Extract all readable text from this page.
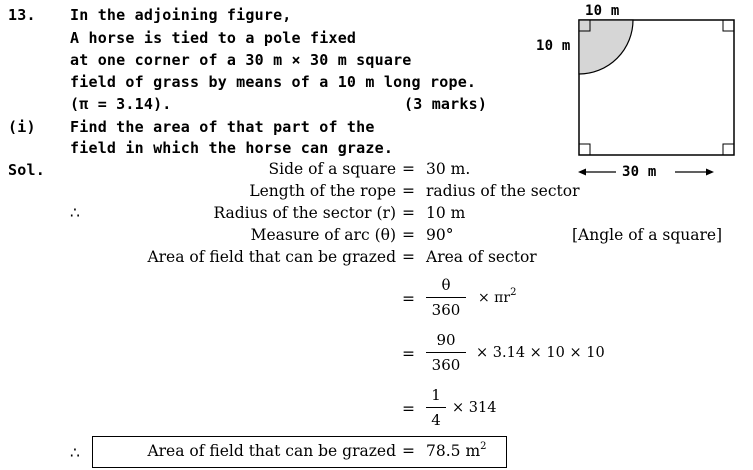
13. In the adjoining figure,
A horse is tied to a pole fixed
at one corner of a 30 m × 30 m square
field of grass by means of a 10 m long rope.
(π = 3.14).	(3 marks)
(i) Find the area of that part of the
field in which the horse can graze.
10 m
10 m
30 m
Sol.	Side of a square = 30 m.
Length of the rope = radius of the sector
∴	Radius of the sector (r) = 10 m
Measure of arc (θ) = 90°	[Angle of a square]
Area of field that can be grazed = Area of sector
=
θ
360
× $\pi r^2$
=
90
360
× 3.14 × 10 × 10
=
1
4
× 314
∴	Area of field that can be grazed = 78.5 $m^2$
